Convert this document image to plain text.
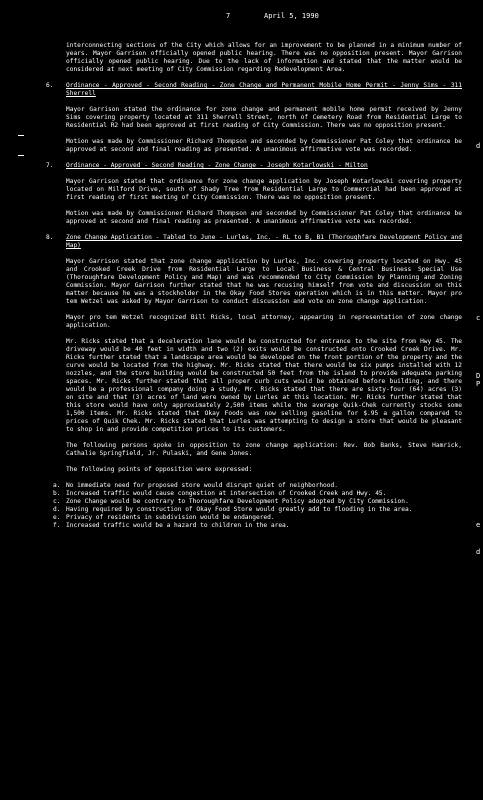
7	April 5, 1990
d
c
D
P
e
d

interconnecting sections of the City which allows for an improvement to be planned in a minimum number of years. Mayor Garrison officially opened public hearing. There was no opposition present. Mayor Garrison officially opened public hearing. Due to the lack of information and stated that the matter would be considered at next meeting of City Commission regarding Redevelopment Area.

6. Ordinance - Approved - Second Reading - Zone Change and Permanent Mobile Home Permit - Jenny Sims - 311 Sherrell

Mayor Garrison stated the ordinance for zone change and permanent mobile home permit received by Jenny Sims covering property located at 311 Sherrell Street, north of Cemetery Road from Residential Large to Residential R2 had been approved at first reading of City Commission. There was no opposition present.

Motion was made by Commissioner Richard Thompson and seconded by Commissioner Pat Coley that ordinance be approved at second and final reading as presented. A unanimous affirmative vote was recorded.

7. Ordinance - Approved - Second Reading - Zone Change - Joseph Kotarlowski - Milton

Mayor Garrison stated that ordinance for zone change application by Joseph Kotarlowski covering property located on Milford Drive, south of Shady Tree from Residential Large to Commercial had been approved at first reading of first meeting of City Commission. There was no opposition present.

Motion was made by Commissioner Richard Thompson and seconded by Commissioner Pat Coley that ordinance be approved at second and final reading as presented. A unanimous affirmative vote was recorded.

8. Zone Change Application - Tabled to June - Lurles, Inc. - RL to B, B1 (Thoroughfare Development Policy and Map)

Mayor Garrison stated that zone change application by Lurles, Inc. covering property located on Hwy. 45 and Crooked Creek Drive from Residential Large to Local Business & Central Business Special Use (Thoroughfare Development Policy and Map) and was recommended to City Commission by Planning and Zoning Commission. Mayor Garrison further stated that he was recusing himself from vote and discussion on this matter because he was a stockholder in the Okay Food Stores operation which is in this matter. Mayor pro tem Wetzel was asked by Mayor Garrison to conduct discussion and vote on zone change application.

Mayor pro tem Wetzel recognized Bill Ricks, local attorney, appearing in representation of zone change application.

Mr. Ricks stated that a deceleration lane would be constructed for entrance to the site from Hwy 45. The driveway would be 40 feet in width and two (2) exits would be constructed onto Crooked Creek Drive. Mr. Ricks further stated that a landscape area would be developed on the front portion of the property and the curve would be located from the highway. Mr. Ricks stated that there would be six pumps installed with 12 nozzles, and the store building would be constructed 50 feet from the island to provide adequate parking spaces. Mr. Ricks further stated that all proper curb cuts would be obtained before building, and there would be a professional company doing a study. Mr. Ricks stated that there are sixty-four (64) acres (3) on site and that (3) acres of land were owned by Lurles at this location. Mr. Ricks further stated that this store would have only approximately 2,500 items while the average Quik-Chek currently stocks some 1,500 items. Mr. Ricks stated that Okay Foods was now selling gasoline for $.95 a gallon compared to prices of Quik Chek. Mr. Ricks stated that Lurles was attempting to design a store that would be pleasant to shop in and provide competition prices to its customers.

The following persons spoke in opposition to zone change application: Rev. Bob Banks, Steve Hamrick, Cathalie Springfield, Jr. Pulaski, and Gene Jones.

The following points of opposition were expressed:

a. No immediate need for proposed store would disrupt quiet of neighborhood.
b. Increased traffic would cause congestion at intersection of Crooked Creek and Hwy. 45.
c. Zone Change would be contrary to Thoroughfare Development Policy adopted by City Commission.
d. Having required by construction of Okay Food Store would greatly add to flooding in the area.
e. Privacy of residents in subdivision would be endangered.
f. Increased traffic would be a hazard to children in the area.
